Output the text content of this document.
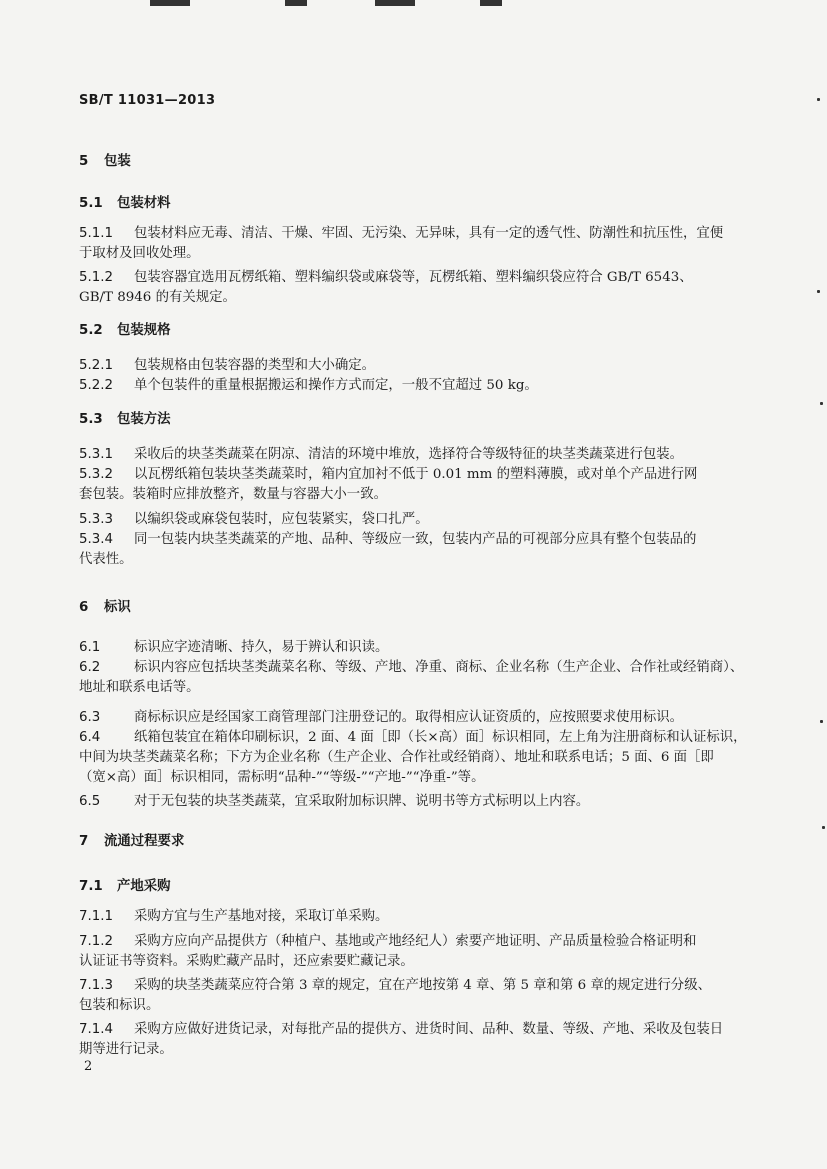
SB/T 11031—2013
5 包装
5.1 包装材料
5.1.1 包装材料应无毒、清洁、干燥、牢固、无污染、无异味，具有一定的透气性、防潮性和抗压性，宜便
于取材及回收处理。
5.1.2 包装容器宜选用瓦楞纸箱、塑料编织袋或麻袋等，瓦楞纸箱、塑料编织袋应符合 GB/T 6543、
GB/T 8946 的有关规定。
5.2 包装规格
5.2.1 包装规格由包装容器的类型和大小确定。
5.2.2 单个包装件的重量根据搬运和操作方式而定，一般不宜超过 50 kg。
5.3 包装方法
5.3.1 采收后的块茎类蔬菜在阴凉、清洁的环境中堆放，选择符合等级特征的块茎类蔬菜进行包装。
5.3.2 以瓦楞纸箱包装块茎类蔬菜时，箱内宜加衬不低于 0.01 mm 的塑料薄膜，或对单个产品进行网
套包装。装箱时应排放整齐，数量与容器大小一致。
5.3.3 以编织袋或麻袋包装时，应包装紧实，袋口扎严。
5.3.4 同一包装内块茎类蔬菜的产地、品种、等级应一致，包装内产品的可视部分应具有整个包装品的
代表性。
6 标识
6.1	标识应字迹清晰、持久，易于辨认和识读。
6.2	标识内容应包括块茎类蔬菜名称、等级、产地、净重、商标、企业名称（生产企业、合作社或经销商）、
地址和联系电话等。
6.3	商标标识应是经国家工商管理部门注册登记的。取得相应认证资质的，应按照要求使用标识。
6.4	纸箱包装宜在箱体印刷标识，2 面、4 面［即（长×高）面］标识相同，左上角为注册商标和认证标识，
中间为块茎类蔬菜名称；下方为企业名称（生产企业、合作社或经销商）、地址和联系电话；5 面、6 面［即
（宽×高）面］标识相同，需标明“品种-”“等级-”“产地-”“净重-”等。
6.5	对于无包装的块茎类蔬菜，宜采取附加标识牌、说明书等方式标明以上内容。
7 流通过程要求
7.1 产地采购
7.1.1 采购方宜与生产基地对接，采取订单采购。
7.1.2 采购方应向产品提供方（种植户、基地或产地经纪人）索要产地证明、产品质量检验合格证明和
认证证书等资料。采购贮藏产品时，还应索要贮藏记录。
7.1.3 采购的块茎类蔬菜应符合第 3 章的规定，宜在产地按第 4 章、第 5 章和第 6 章的规定进行分级、
包装和标识。
7.1.4 采购方应做好进货记录，对每批产品的提供方、进货时间、品种、数量、等级、产地、采收及包装日
期等进行记录。
2
